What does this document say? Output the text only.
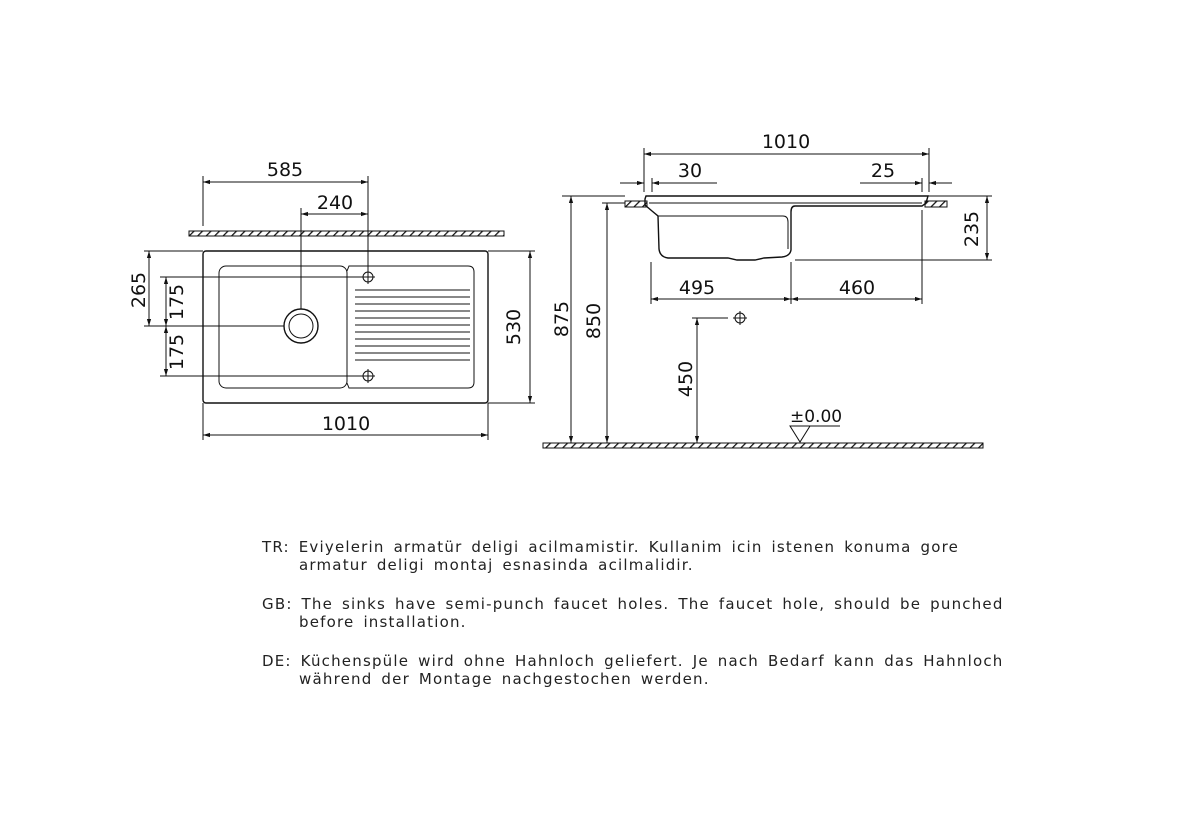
585
240
265 175
175
530
1010
1010
30	25
235
495	460
875 850
450
±0.00
TR: Eviyelerin armatür deligi acilmamistir. Kullanim icin istenen konuma gore
armatur deligi montaj esnasinda acilmalidir.
GB: The sinks have semi-punch faucet holes. The faucet hole, should be punched
before installation.
DE: Küchenspüle wird ohne Hahnloch geliefert. Je nach Bedarf kann das Hahnloch
während der Montage nachgestochen werden.
